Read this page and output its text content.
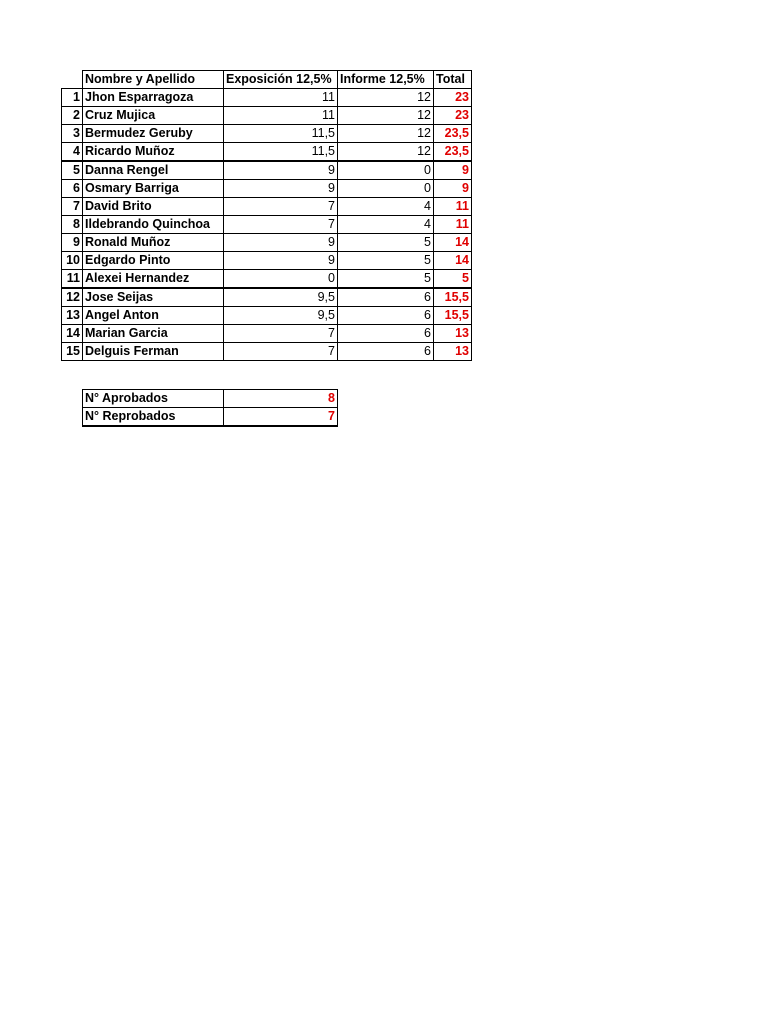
	Nombre y Apellido	Exposición 12,5%	Informe 12,5%	Total
1	Jhon Esparragoza	11	12	23
2	Cruz Mujica	11	12	23
3	Bermudez Geruby	11,5	12	23,5
4	Ricardo Muñoz	11,5	12	23,5
5	Danna Rengel	9	0	9
6	Osmary Barriga	9	0	9
7	David Brito	7	4	11
8	Ildebrando Quinchoa	7	4	11
9	Ronald Muñoz	9	5	14
10	Edgardo Pinto	9	5	14
11	Alexei Hernandez	0	5	5
12	Jose Seijas	9,5	6	15,5
13	Angel Anton	9,5	6	15,5
14	Marian Garcia	7	6	13
15	Delguis Ferman	7	6	13
N° Aprobados	8
N° Reprobados	7
